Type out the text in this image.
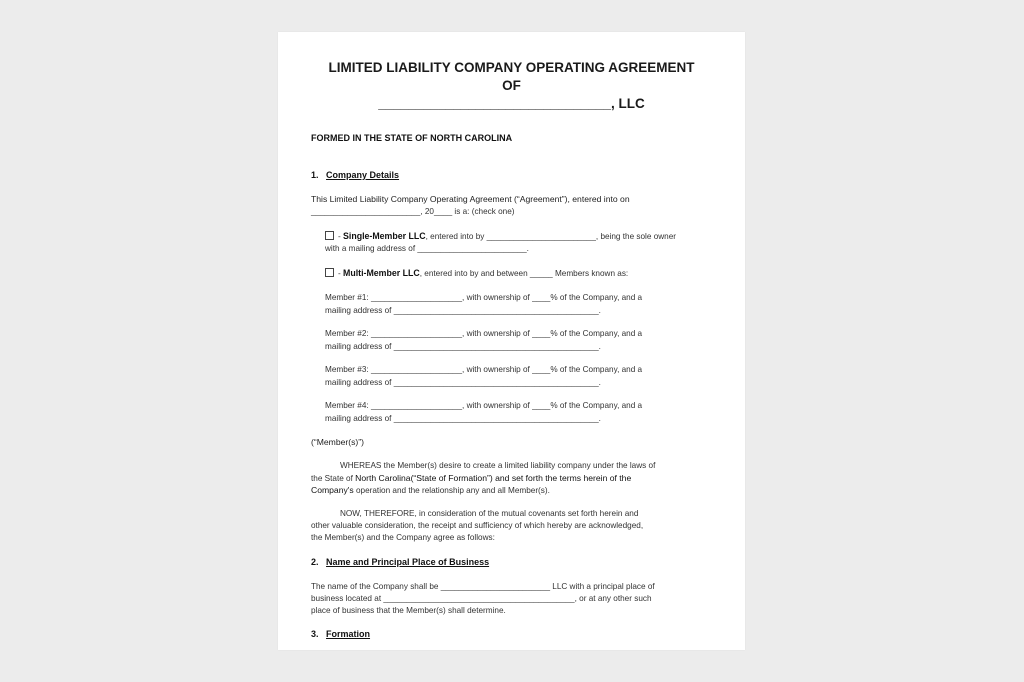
LIMITED LIABILITY COMPANY OPERATING AGREEMENT
OF
_______________________________, LLC
FORMED IN THE STATE OF NORTH CAROLINA
1. Company Details
This Limited Liability Company Operating Agreement (“Agreement”), entered into on
________________________, 20____ is a: (check one)
- Single-Member LLC, entered into by ________________________, being the sole owner
with a mailing address of ________________________.
- Multi-Member LLC, entered into by and between _____ Members known as:
Member #1: ____________________, with ownership of ____% of the Company, and a
mailing address of _____________________________________________.
Member #2: ____________________, with ownership of ____% of the Company, and a
mailing address of _____________________________________________.
Member #3: ____________________, with ownership of ____% of the Company, and a
mailing address of _____________________________________________.
Member #4: ____________________, with ownership of ____% of the Company, and a
mailing address of _____________________________________________.
(“Member(s)”)
WHEREAS the Member(s) desire to create a limited liability company under the laws of
the State of North Carolina(“State of Formation”) and set forth the terms herein of the
Company's operation and the relationship any and all Member(s).
NOW, THEREFORE, in consideration of the mutual covenants set forth herein and
other valuable consideration, the receipt and sufficiency of which hereby are acknowledged,
the Member(s) and the Company agree as follows:
2. Name and Principal Place of Business
The name of the Company shall be ________________________ LLC with a principal place of
business located at __________________________________________, or at any other such
place of business that the Member(s) shall determine.
3. Formation
